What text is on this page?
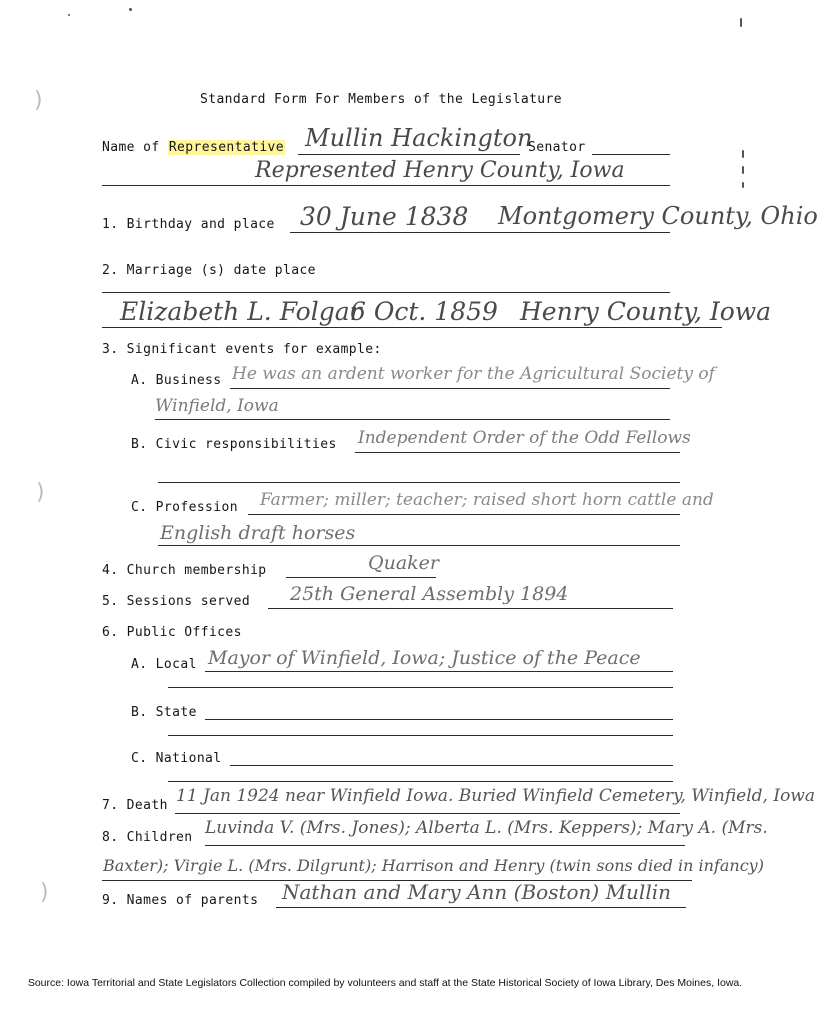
)
)
)
Standard Form For Members of the Legislature
Name of Representative Mullin Hackington
Senator
Represented Henry County, Iowa
1. Birthday and place 30 June 1838 Montgomery County, Ohio
2. Marriage (s) date place
Elizabeth L. Folgar
6 Oct. 1859 Henry County, Iowa
3. Significant events for example:
A. Business He was an ardent worker for the Agricultural Society of
Winfield, Iowa
B. Civic responsibilities Independent Order of the Odd Fellows
C. Profession Farmer; miller; teacher; raised short horn cattle and
English draft horses
4. Church membership	Quaker
5. Sessions served 25th General Assembly 1894
6. Public Offices
A. Local Mayor of Winfield, Iowa; Justice of the Peace
B. State
C. National
7. Death 11 Jan 1924 near Winfield Iowa. Buried Winfield Cemetery, Winfield, Iowa
8. Children Luvinda V. (Mrs. Jones); Alberta L. (Mrs. Keppers); Mary A. (Mrs.
Baxter); Virgie L. (Mrs. Dilgrunt); Harrison and Henry (twin sons died in infancy)
9. Names of parents Nathan and Mary Ann (Boston) Mullin
Source: Iowa Territorial and State Legislators Collection compiled by volunteers and staff at the State Historical Society of Iowa Library, Des Moines, Iowa.
